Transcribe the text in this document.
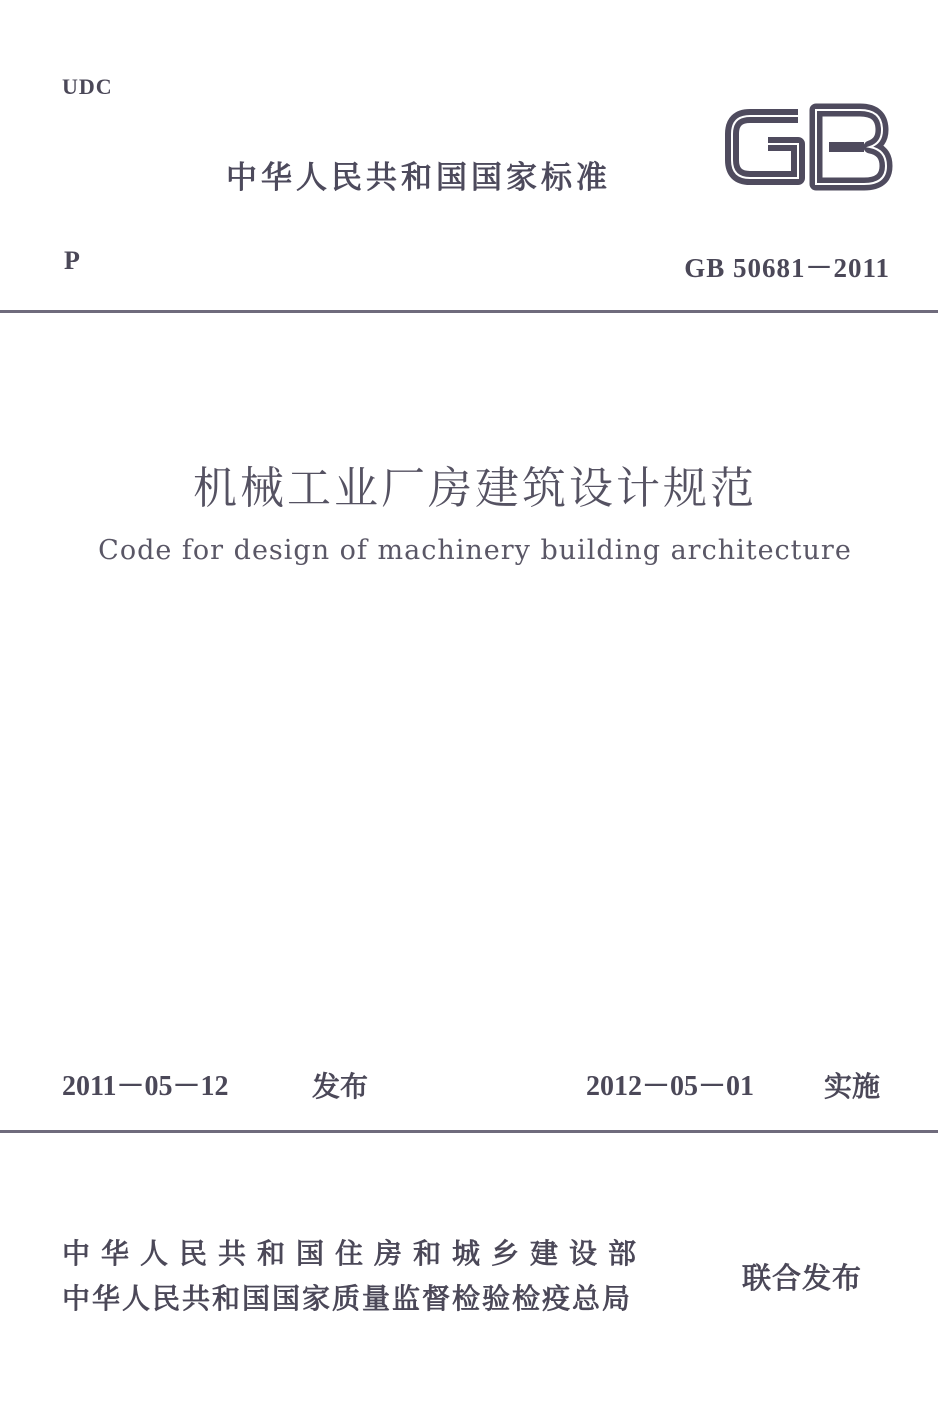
UDC
中华人民共和国国家标准
P	GB 50681－2011
机械工业厂房建筑设计规范
Code for design of machinery building architecture
2011－05－12	发布	2012－05－01 实施
中华人民共和国住房和城乡建设部
中华人民共和国国家质量监督检验检疫总局
联合发布
